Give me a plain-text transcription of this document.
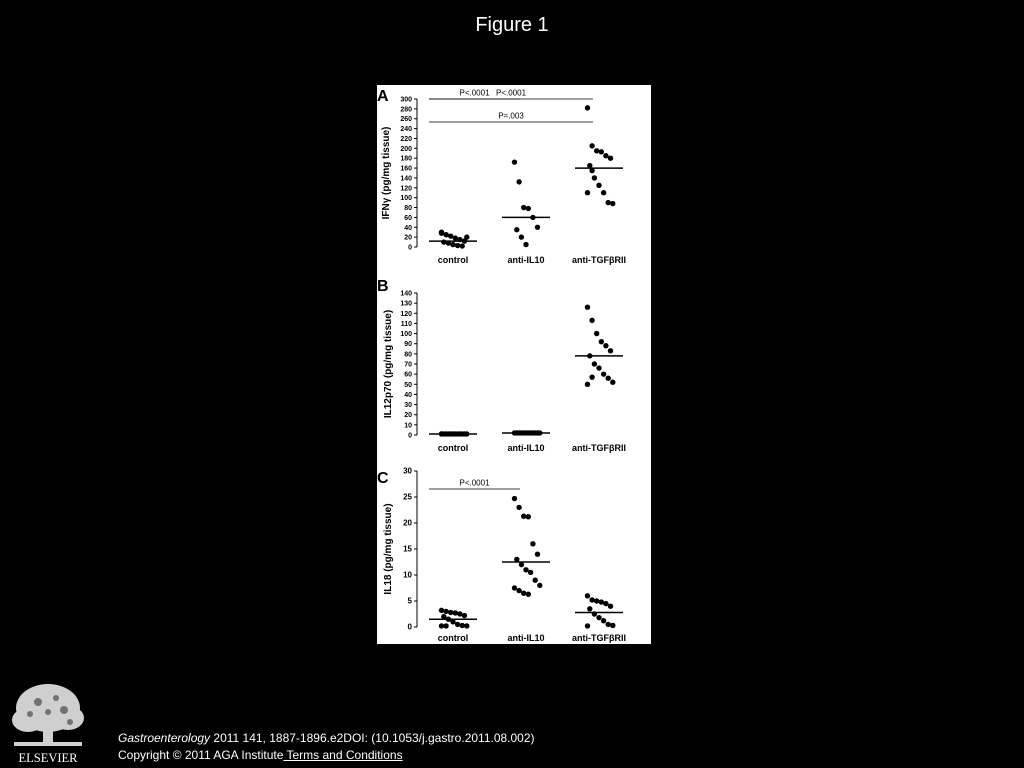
Figure 1
A
0
20
40
60
80
100
120
140
160
180
200
220
240
260
280
300
IFNγ (pg/mg tissue)
control	anti-IL10	anti-TGFβRII
P<.0001
P=.003
B
0
10
20
30
40
50
60
70
80
90
100
110
120
130
140
IL12p70 (pg/mg tissue)
control	anti-IL10	anti-TGFβRII
P<.0001
C
0
5
10
15
20
25
30
IL18 (pg/mg tissue)
control	anti-IL10	anti-TGFβRII
P<.0001
ELSEVIER
Gastroenterology 2011 141, 1887-1896.e2DOI: (10.1053/j.gastro.2011.08.002)
Copyright © 2011 AGA Institute Terms and Conditions
